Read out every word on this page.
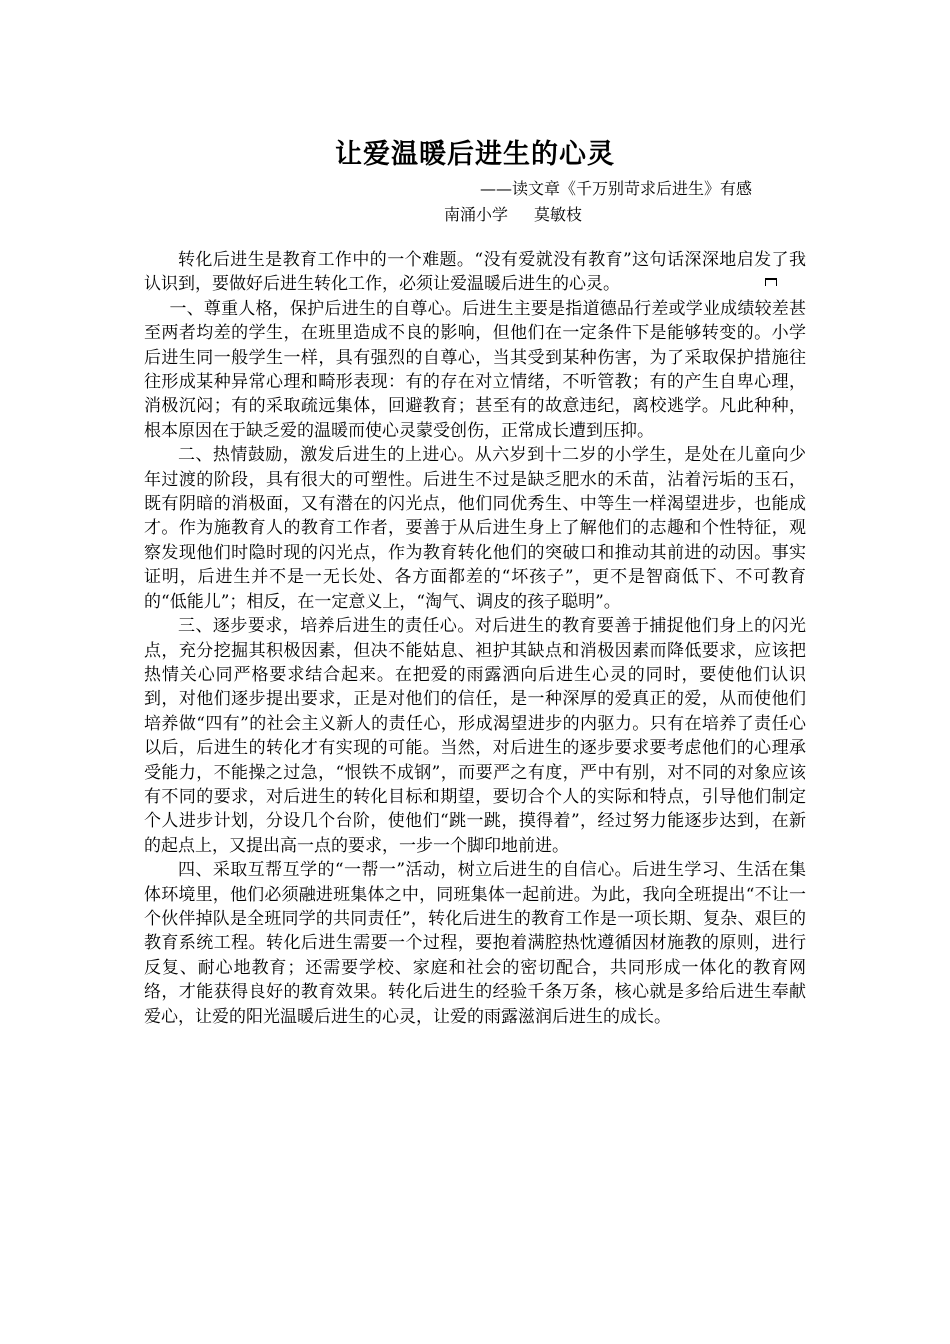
让爱温暖后进生的心灵
——读文章《千万别苛求后进生》有感
南涌小学 莫敏枝

转化后进生是教育工作中的一个难题。“没有爱就没有教育”这句话深深地启发了我认识到，要做好后进生转化工作，必须让爱温暖后进生的心灵。

一、尊重人格，保护后进生的自尊心。后进生主要是指道德品行差或学业成绩较差甚至两者均差的学生，在班里造成不良的影响，但他们在一定条件下是能够转变的。小学后进生同一般学生一样，具有强烈的自尊心，当其受到某种伤害，为了采取保护措施往往形成某种异常心理和畸形表现：有的存在对立情绪，不听管教；有的产生自卑心理，消极沉闷；有的采取疏远集体，回避教育；甚至有的故意违纪，离校逃学。凡此种种，根本原因在于缺乏爱的温暖而使心灵蒙受创伤，正常成长遭到压抑。

二、热情鼓励，激发后进生的上进心。从六岁到十二岁的小学生，是处在儿童向少年过渡的阶段，具有很大的可塑性。后进生不过是缺乏肥水的禾苗，沾着污垢的玉石，既有阴暗的消极面，又有潜在的闪光点，他们同优秀生、中等生一样渴望进步，也能成才。作为施教育人的教育工作者，要善于从后进生身上了解他们的志趣和个性特征，观察发现他们时隐时现的闪光点，作为教育转化他们的突破口和推动其前进的动因。事实证明，后进生并不是一无长处、各方面都差的“坏孩子”，更不是智商低下、不可教育的“低能儿”；相反，在一定意义上，“淘气、调皮的孩子聪明”。

三、逐步要求，培养后进生的责任心。对后进生的教育要善于捕捉他们身上的闪光点，充分挖掘其积极因素，但决不能姑息、袒护其缺点和消极因素而降低要求，应该把热情关心同严格要求结合起来。在把爱的雨露洒向后进生心灵的同时，要使他们认识到，对他们逐步提出要求，正是对他们的信任，是一种深厚的爱真正的爱，从而使他们培养做“四有”的社会主义新人的责任心，形成渴望进步的内驱力。只有在培养了责任心以后，后进生的转化才有实现的可能。当然，对后进生的逐步要求要考虑他们的心理承受能力，不能操之过急，“恨铁不成钢”，而要严之有度，严中有别，对不同的对象应该有不同的要求，对后进生的转化目标和期望，要切合个人的实际和特点，引导他们制定个人进步计划，分设几个台阶，使他们“跳一跳，摸得着”，经过努力能逐步达到，在新的起点上，又提出高一点的要求，一步一个脚印地前进。

四、采取互帮互学的“一帮一”活动，树立后进生的自信心。后进生学习、生活在集体环境里，他们必须融进班集体之中，同班集体一起前进。为此，我向全班提出“不让一个伙伴掉队是全班同学的共同责任”，转化后进生的教育工作是一项长期、复杂、艰巨的教育系统工程。转化后进生需要一个过程，要抱着满腔热忱遵循因材施教的原则，进行反复、耐心地教育；还需要学校、家庭和社会的密切配合，共同形成一体化的教育网络，才能获得良好的教育效果。转化后进生的经验千条万条，核心就是多给后进生奉献爱心，让爱的阳光温暖后进生的心灵，让爱的雨露滋润后进生的成长。
